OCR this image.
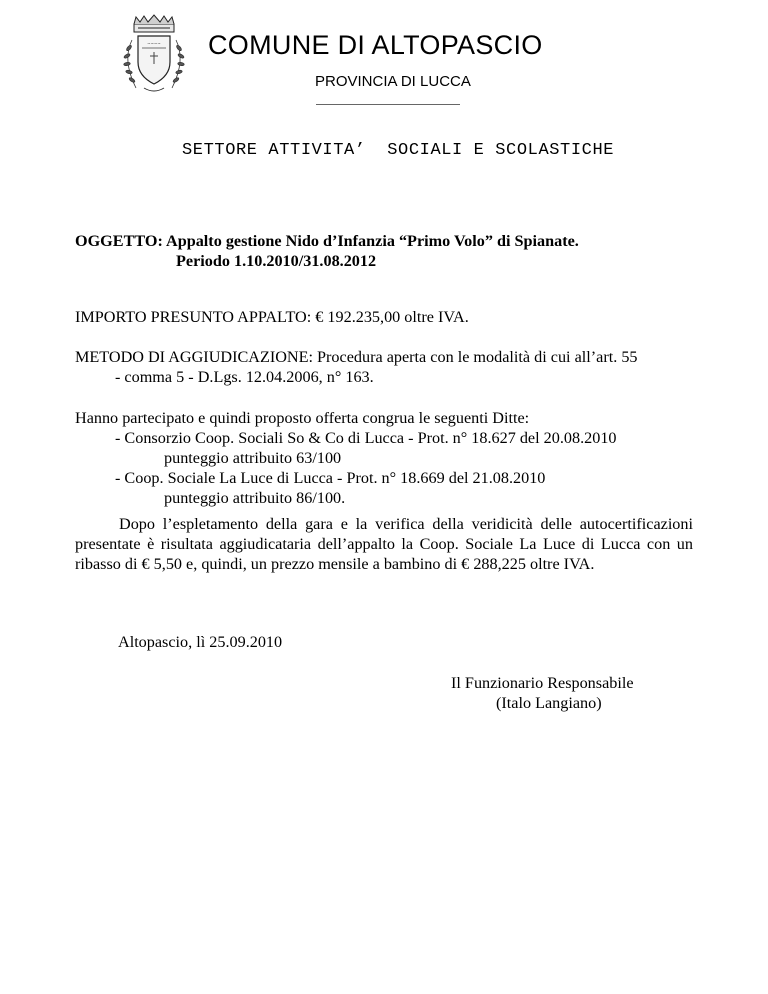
~~~~ COMUNE DI ALTOPASCIO
PROVINCIA DI LUCCA
SETTORE ATTIVITA’  SOCIALI E SCOLASTICHE
OGGETTO: Appalto gestione Nido d’Infanzia “Primo Volo” di Spianate.
Periodo 1.10.2010/31.08.2012
IMPORTO PRESUNTO APPALTO: € 192.235,00 oltre IVA.
METODO DI AGGIUDICAZIONE: Procedura aperta con le modalità di cui all’art. 55
- comma 5 - D.Lgs. 12.04.2006, n° 163.
Hanno partecipato e quindi proposto offerta congrua le seguenti Ditte:
- Consorzio Coop. Sociali So & Co di Lucca - Prot. n° 18.627 del 20.08.2010
punteggio attribuito 63/100
- Coop. Sociale La Luce di Lucca - Prot. n° 18.669 del 21.08.2010
punteggio attribuito 86/100.
Dopo l’espletamento della gara e la verifica della veridicità delle autocertificazioni presentate è risultata aggiudicataria dell’appalto la Coop. Sociale La Luce di Lucca con un ribasso di € 5,50 e, quindi, un prezzo mensile a bambino di € 288,225 oltre IVA.
Altopascio, lì 25.09.2010
Il Funzionario Responsabile
(Italo Langiano)
